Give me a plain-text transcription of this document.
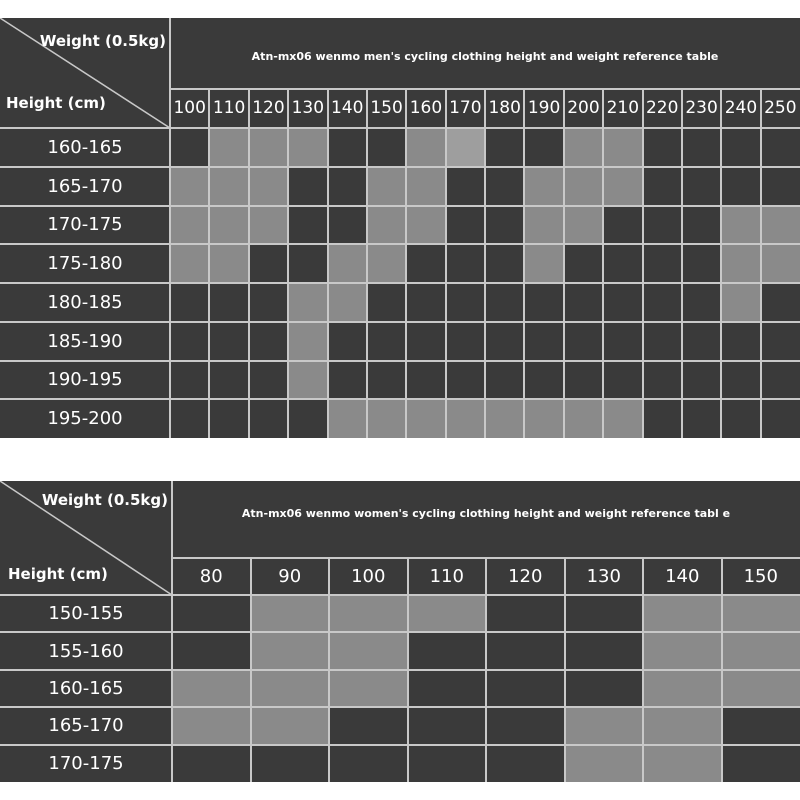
Weight (0.5kg)
Height (cm)
Atn-mx06 wenmo men's cycling clothing height and weight reference table
100 110 120 130 140 150 160 170 180 190 200 210 220 230 240 250
160-165
165-170
170-175
175-180
180-185
185-190
190-195
195-200
Weight (0.5kg)
Height (cm)
Atn-mx06 wenmo women's cycling clothing height and weight reference tabl e
80	90	100	110	120	130	140	150
150-155
155-160
160-165
165-170
170-175
